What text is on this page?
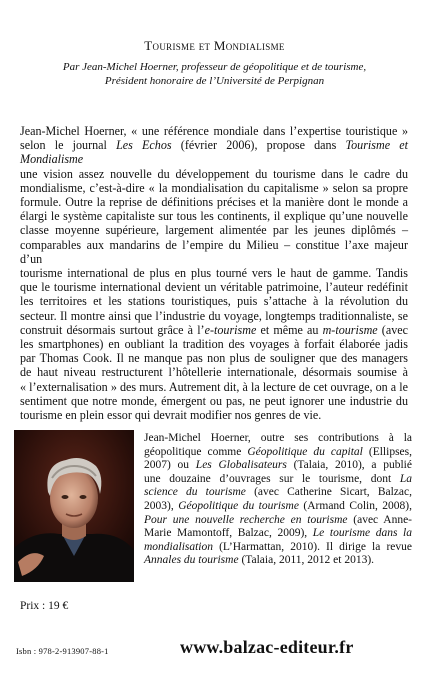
Tourisme et Mondialisme
Par Jean-Michel Hoerner, professeur de géopolitique et de tourisme,
Président honoraire de l’Université de Perpignan
Jean-Michel Hoerner, « une référence mondiale dans l’expertise touristique »
selon le journal Les Echos (février 2006), propose dans Tourisme et Mondialisme
une vision assez nouvelle du développement du tourisme dans le cadre du
mondialisme, c’est-à-dire « la mondialisation du capitalisme » selon sa propre
formule. Outre la reprise de définitions précises et la manière dont le monde a
élargi le système capitaliste sur tous les continents, il explique qu’une nouvelle
classe moyenne supérieure, largement alimentée par les jeunes diplômés –
comparables aux mandarins de l’empire du Milieu – constitue l’axe majeur d’un
tourisme international de plus en plus tourné vers le haut de gamme. Tandis
que le tourisme international devient un véritable patrimoine, l’auteur redéfinit
les territoires et les stations touristiques, puis s’attache à la révolution du
secteur. Il montre ainsi que l’industrie du voyage, longtemps traditionnaliste, se
construit désormais surtout grâce à l’e-tourisme et même au m-tourisme (avec
les smartphones) en oubliant la tradition des voyages à forfait élaborée jadis
par Thomas Cook. Il ne manque pas non plus de souligner que des managers
de haut niveau restructurent l’hôtellerie internationale, désormais soumise à
« l’externalisation » des murs. Autrement dit, à la lecture de cet ouvrage, on a le
sentiment que notre monde, émergent ou pas, ne peut ignorer une industrie du
tourisme en plein essor qui devrait modifier nos genres de vie.
Jean-Michel Hoerner, outre ses contributions à la
géopolitique comme Géopolitique du capital (Ellipses,
2007) ou Les Globalisateurs (Talaia, 2010), a publié
une douzaine d’ouvrages sur le tourisme, dont La
science du tourisme (avec Catherine Sicart, Balzac,
2003), Géopolitique du tourisme (Armand Colin, 2008),
Pour une nouvelle recherche en tourisme (avec Anne-
Marie Mamontoff, Balzac, 2009), Le tourisme dans la
mondialisation (L’Harmattan, 2010). Il dirige la revue
Annales du tourisme (Talaia, 2011, 2012 et 2013).
Prix : 19 €
Isbn : 978-2-913907-88-1	www.balzac-editeur.fr
